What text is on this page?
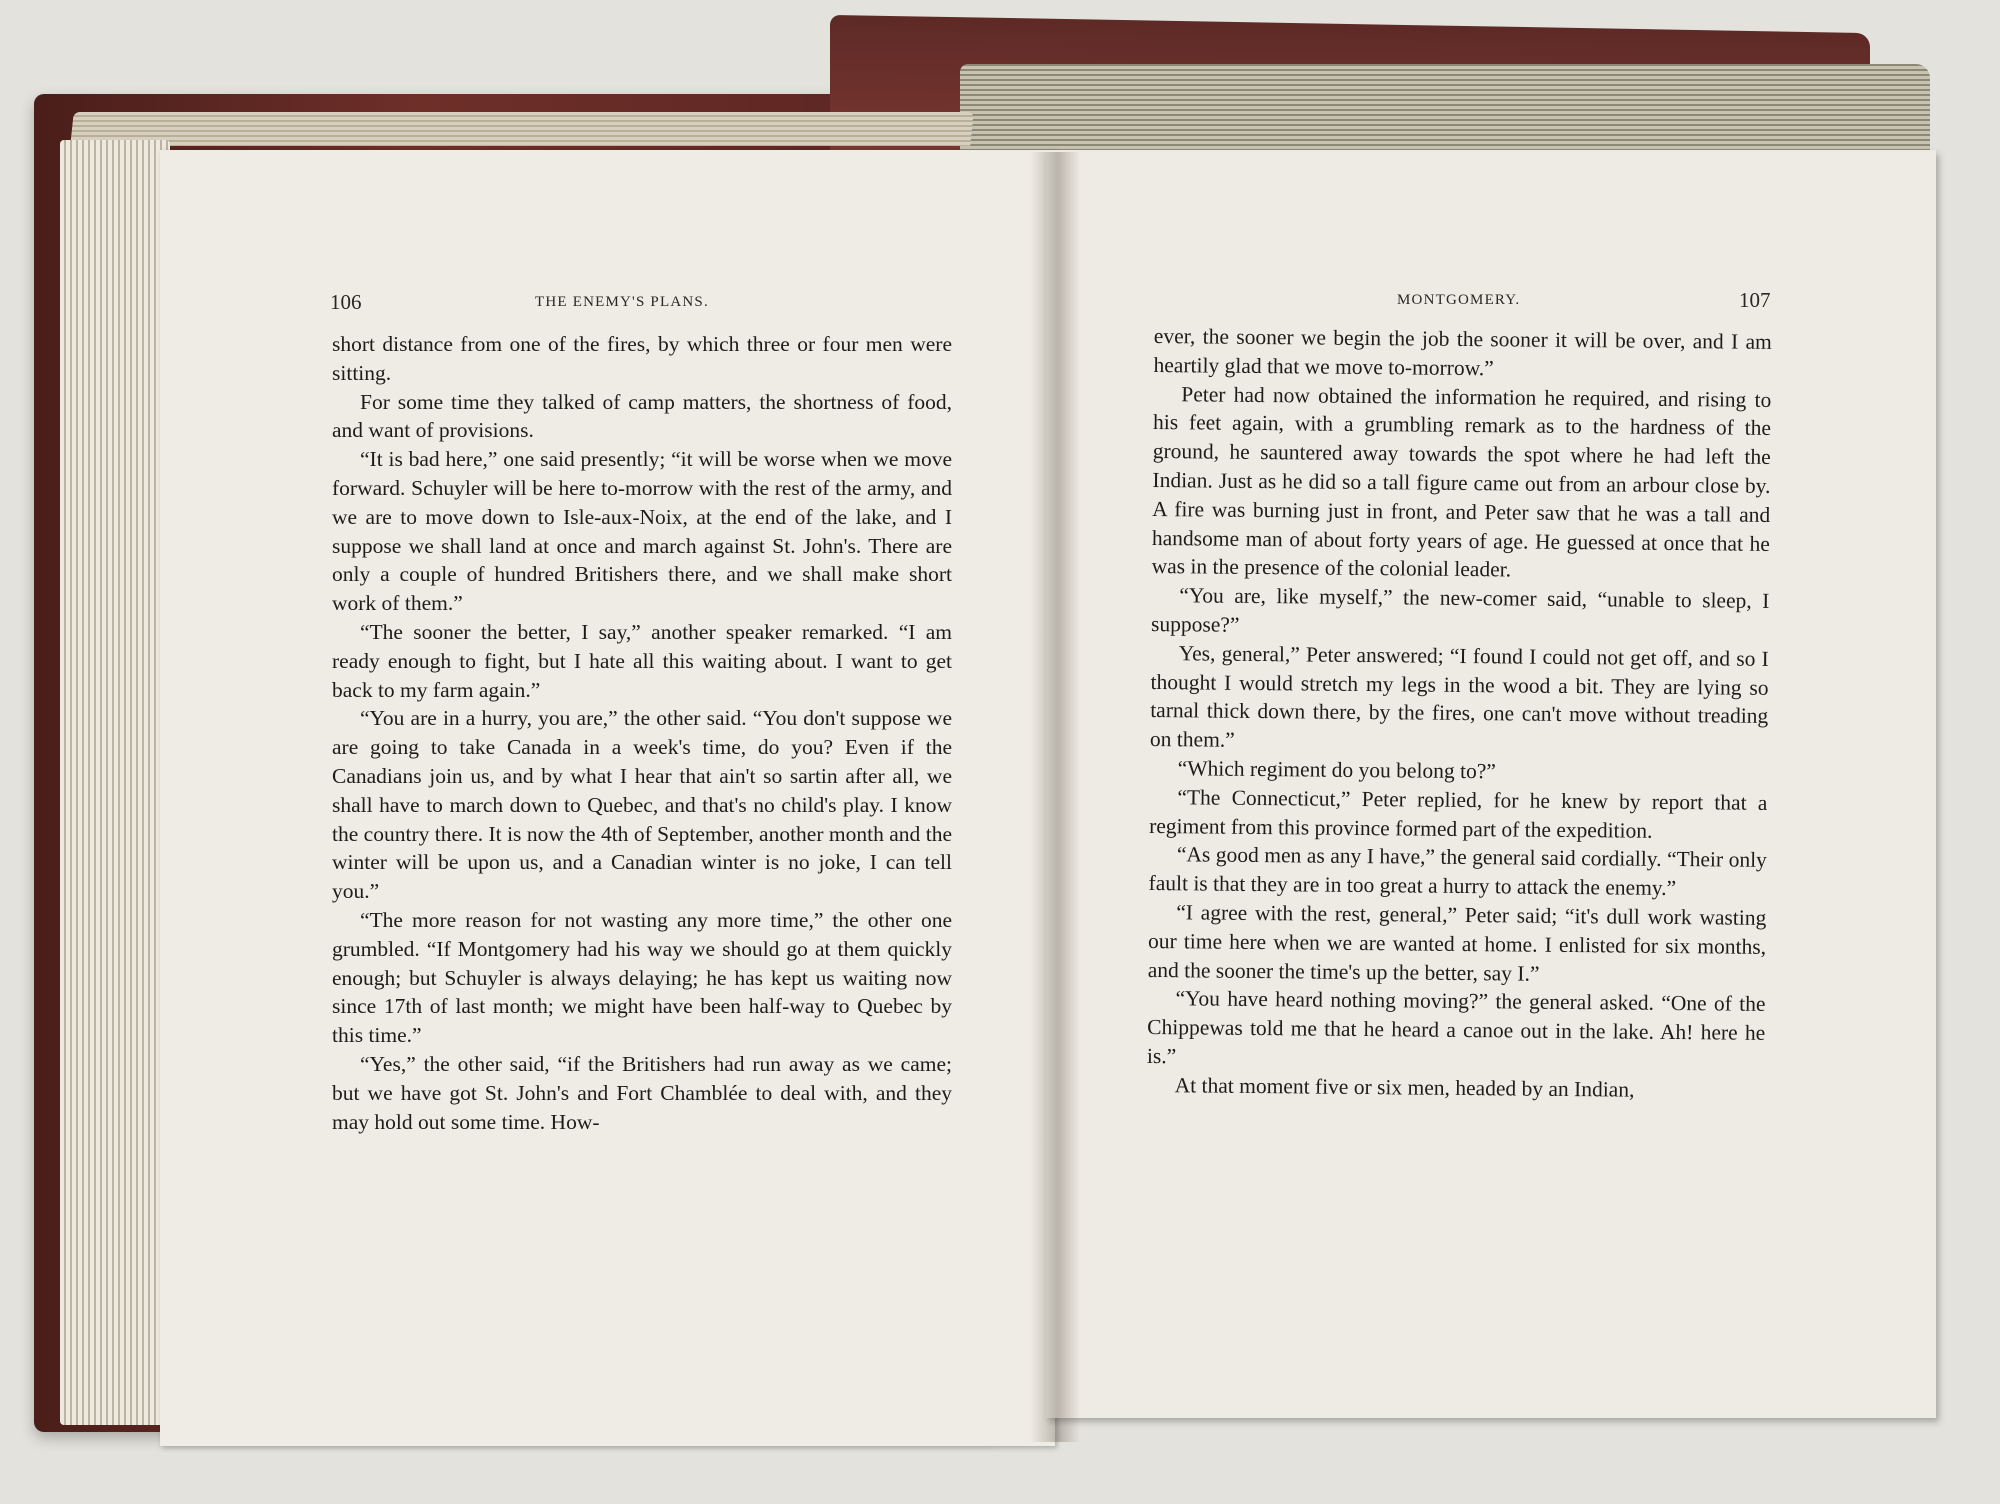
106	THE ENEMY'S PLANS.

short distance from one of the fires, by which three or four men were sitting.

For some time they talked of camp matters, the shortness of food, and want of provisions.

“It is bad here,” one said presently; “it will be worse when we move forward. Schuyler will be here to-morrow with the rest of the army, and we are to move down to Isle-aux-Noix, at the end of the lake, and I suppose we shall land at once and march against St. John's. There are only a couple of hundred Britishers there, and we shall make short work of them.”

“The sooner the better, I say,” another speaker remarked. “I am ready enough to fight, but I hate all this waiting about. I want to get back to my farm again.”

“You are in a hurry, you are,” the other said. “You don't suppose we are going to take Canada in a week's time, do you? Even if the Canadians join us, and by what I hear that ain't so sartin after all, we shall have to march down to Quebec, and that's no child's play. I know the country there. It is now the 4th of September, another month and the winter will be upon us, and a Canadian winter is no joke, I can tell you.”

“The more reason for not wasting any more time,” the other one grumbled. “If Montgomery had his way we should go at them quickly enough; but Schuyler is always delaying; he has kept us waiting now since 17th of last month; we might have been half-way to Quebec by this time.”

“Yes,” the other said, “if the Britishers had run away as we came; but we have got St. John's and Fort Chamblée to deal with, and they may hold out some time. How-

MONTGOMERY.	107

ever, the sooner we begin the job the sooner it will be over, and I am heartily glad that we move to-morrow.”

Peter had now obtained the information he required, and rising to his feet again, with a grumbling remark as to the hardness of the ground, he sauntered away towards the spot where he had left the Indian. Just as he did so a tall figure came out from an arbour close by. A fire was burning just in front, and Peter saw that he was a tall and handsome man of about forty years of age. He guessed at once that he was in the presence of the colonial leader.

“You are, like myself,” the new-comer said, “unable to sleep, I suppose?”

Yes, general,” Peter answered; “I found I could not get off, and so I thought I would stretch my legs in the wood a bit. They are lying so tarnal thick down there, by the fires, one can't move without treading on them.”

“Which regiment do you belong to?”

“The Connecticut,” Peter replied, for he knew by report that a regiment from this province formed part of the expedition.

“As good men as any I have,” the general said cordially. “Their only fault is that they are in too great a hurry to attack the enemy.”

“I agree with the rest, general,” Peter said; “it's dull work wasting our time here when we are wanted at home. I enlisted for six months, and the sooner the time's up the better, say I.”

“You have heard nothing moving?” the general asked. “One of the Chippewas told me that he heard a canoe out in the lake. Ah! here he is.”

At that moment five or six men, headed by an Indian,
